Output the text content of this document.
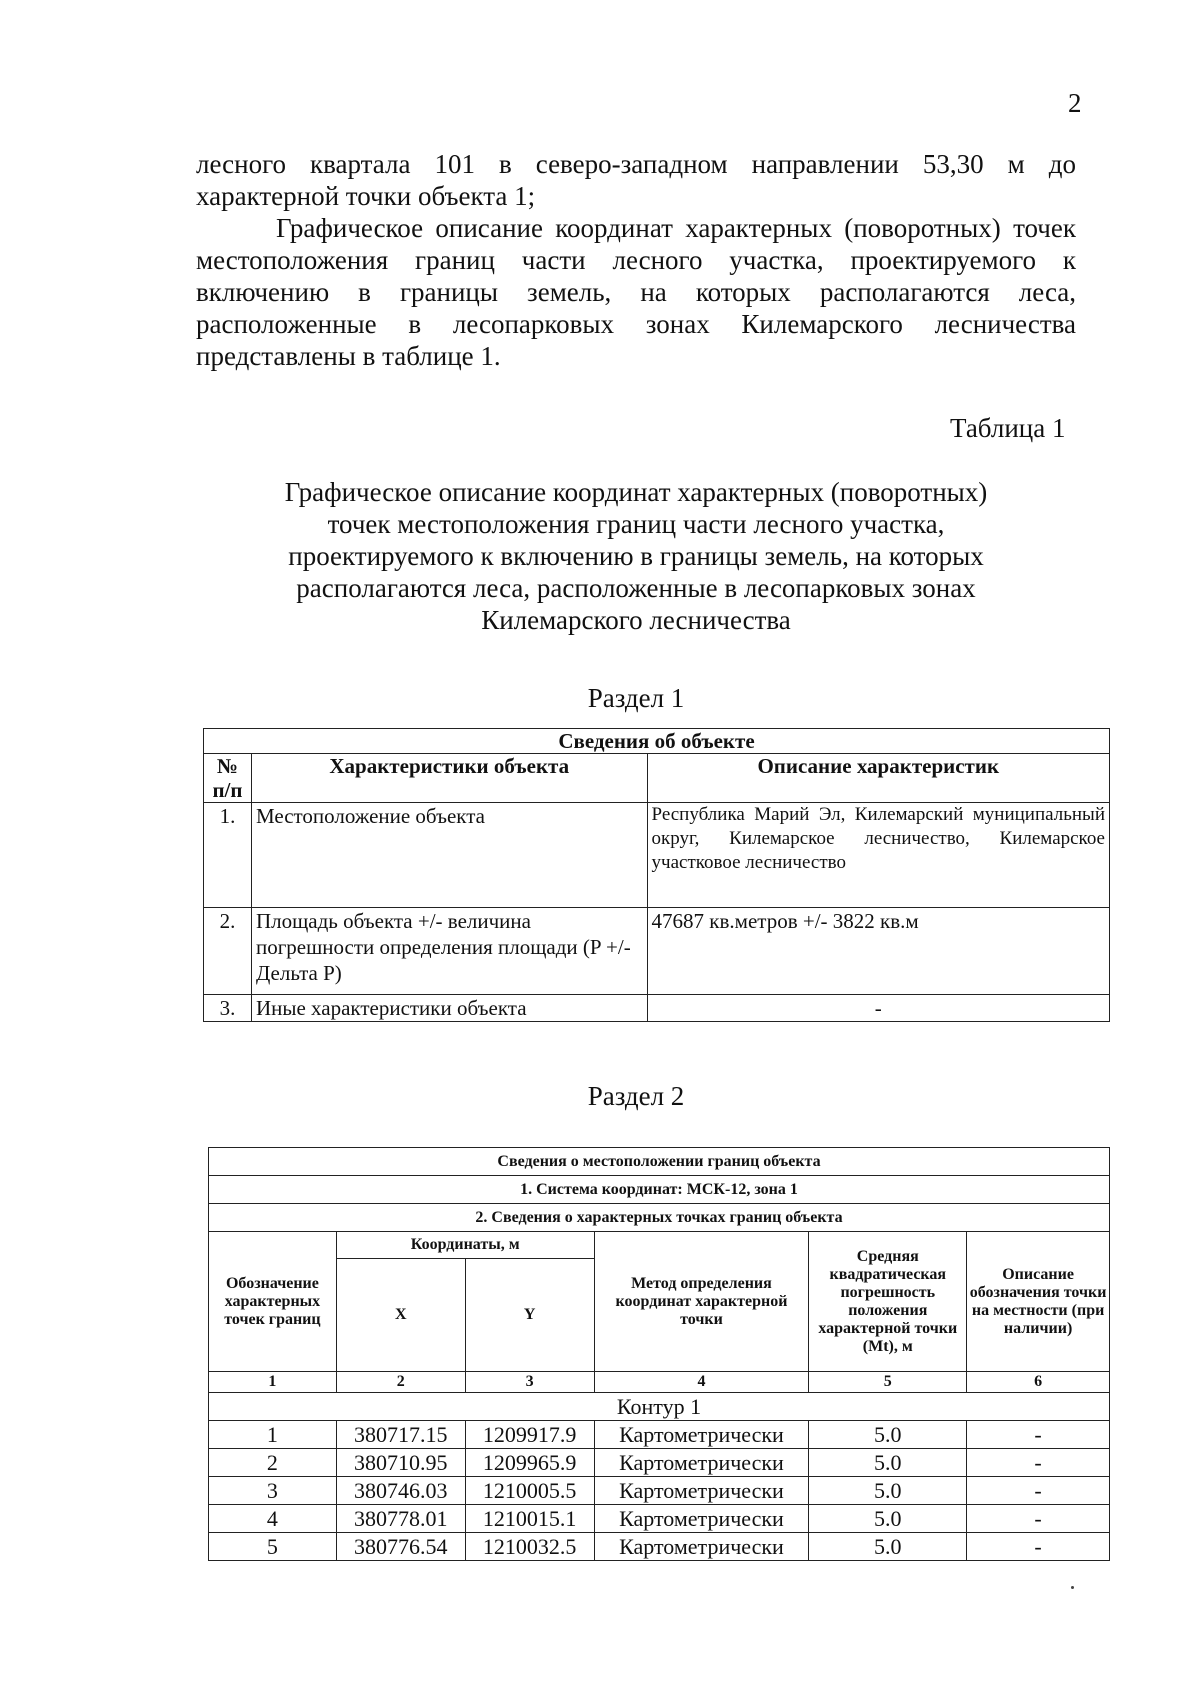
2
лесного квартала 101 в северо-западном направлении 53,30 м до характерной точки объекта 1;
Графическое описание координат характерных (поворотных) точек местоположения границ части лесного участка, проектируемого к включению в границы земель, на которых располагаются леса, расположенные в лесопарковых зонах Килемарского лесничества представлены в таблице 1.
Таблица 1
Графическое описание координат характерных (поворотных)
точек местоположения границ части лесного участка,
проектируемого к включению в границы земель, на которых
располагаются леса, расположенные в лесопарковых зонах
Килемарского лесничества
Раздел 1
Сведения об объекте		
№ п/п	Характеристики объекта	Описание характеристик
1.	Местоположение объекта	Республика Марий Эл, Килемарский муниципальный округ, Килемарское лесничество, Килемарское участковое лесничество
2.	Площадь объекта +/- величина погрешности определения площади (P +/-Дельта P)	47687 кв.метров +/- 3822 кв.м
3.	Иные характеристики объекта	-
Раздел 2
Сведения о местоположении границ объекта					
1. Система координат: МСК-12, зона 1					
2. Сведения о характерных точках границ объекта					
Обозначение характерных точек границ	Координаты, м		Метод определения координат характерной точки	Средняя квадратическая погрешность положения характерной точки (Mt), м	Описание обозначения точки на местности (при наличии)
	X	Y			
1	2	3	4	5	6
Контур 1					
1	380717.15	1209917.9	Картометрически	5.0	-
2	380710.95	1209965.9	Картометрически	5.0	-
3	380746.03	1210005.5	Картометрически	5.0	-
4	380778.01	1210015.1	Картометрически	5.0	-
5	380776.54	1210032.5	Картометрически	5.0	-
